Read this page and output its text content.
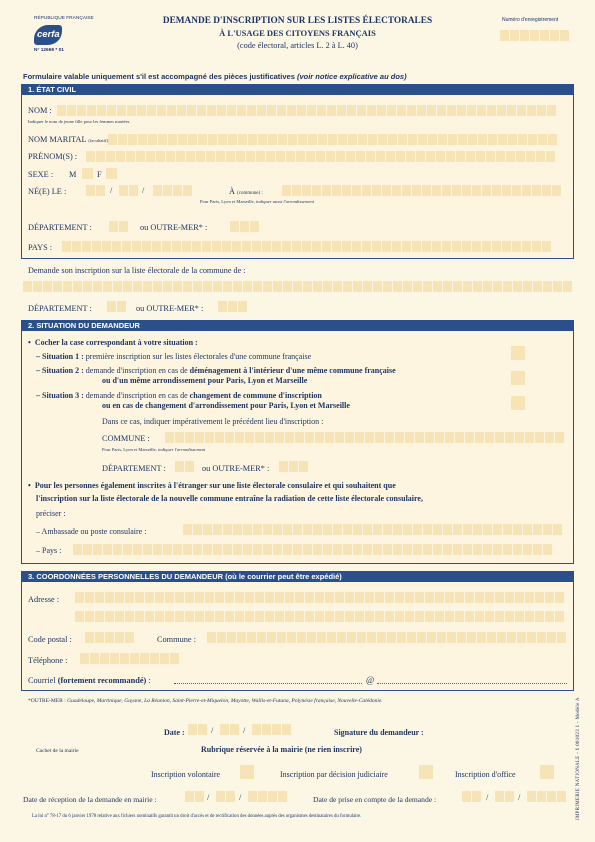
RÉPUBLIQUE FRANÇAISE
cerfa
N° 12669 * 01
DEMANDE D'INSCRIPTION SUR LES LISTES ÉLECTORALES
À L'USAGE DES CITOYENS FRANÇAIS
(code électoral, articles L. 2 à L. 40)
Numéro d'enregistrement
Formulaire valable uniquement s'il est accompagné des pièces justificatives (voir notice explicative au dos)
1. ÉTAT CIVIL
NOM :
Indiquer le nom de jeune fille pour les femmes mariées
NOM MARITAL (facultatif)
PRÉNOM(S) :
SEXE : M F
NÉ(E) LE :	/	/	À (commune) :
Pour Paris, Lyon et Marseille, indiquer aussi l'arrondissement
DÉPARTEMENT :	ou OUTRE-MER* :
PAYS :
Demande son inscription sur la liste électorale de la commune de :
DÉPARTEMENT :	ou OUTRE-MER* :
2. SITUATION DU DEMANDEUR
•  Cocher la case correspondant à votre situation :
– Situation 1 : première inscription sur les listes électorales d'une commune française
– Situation 2 : demande d'inscription en cas de déménagement à l'intérieur d'une même commune française
ou d'un même arrondissement pour Paris, Lyon et Marseille
– Situation 3 : demande d'inscription en cas de changement de commune d'inscription
ou en cas de changement d'arrondissement pour Paris, Lyon et Marseille
Dans ce cas, indiquer impérativement le précédent lieu d'inscription :
COMMUNE :
Pour Paris, Lyon et Marseille, indiquer l'arrondissement
DÉPARTEMENT :	ou OUTRE-MER* :
•  Pour les personnes également inscrites à l'étranger sur une liste électorale consulaire et qui souhaitent que
l'inscription sur la liste électorale de la nouvelle commune entraîne la radiation de cette liste électorale consulaire,
préciser :
– Ambassade ou poste consulaire :
– Pays :
3. COORDONNÉES PERSONNELLES DU DEMANDEUR (où le courrier peut être expédié)
Adresse :
Code postal :	Commune :
Téléphone :
Courriel (fortement recommandé) :	@
*OUTRE-MER : Guadeloupe, Martinique, Guyane, La Réunion, Saint-Pierre-et-Miquelon, Mayotte, Wallis-et-Futuna, Polynésie française, Nouvelle-Calédonie.
Date :	/	/	Signature du demandeur :
Cachet de la mairie	Rubrique réservée à la mairie (ne rien inscrire)
Inscription volontaire	Inscription par décision judiciaire	Inscription d'office
Date de réception de la demande en mairie :	/	/	Date de prise en compte de la demande :	/	/
La loi n° 78-17 du 6 janvier 1978 relative aux fichiers nominatifs garantit un droit d'accès et de rectification des données auprès des organismes destinataires du formulaire.	IMPRIMERIE NATIONALE - 6 001023 1 - Modèle A
